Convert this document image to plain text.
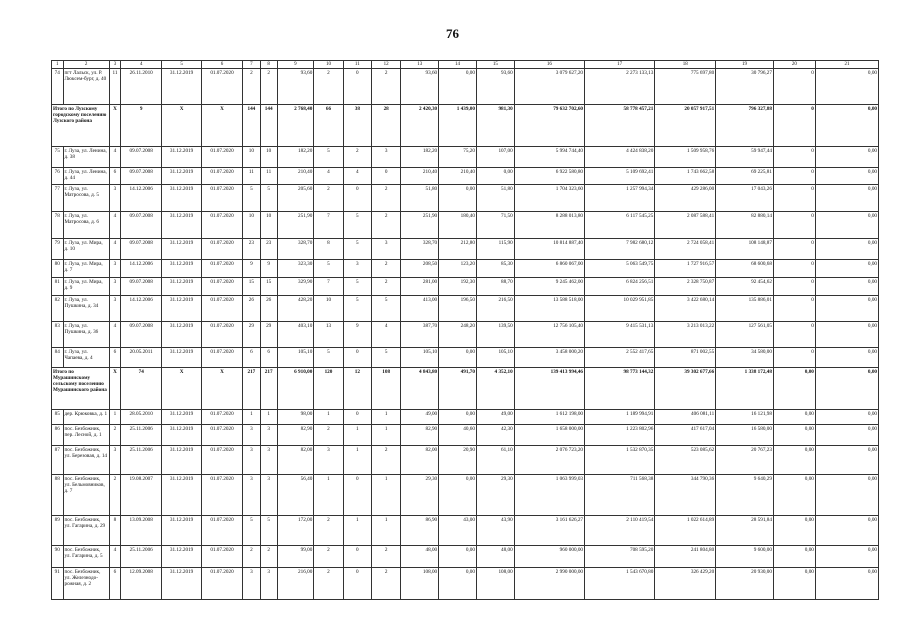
76
1	2	3	4	5	6	7	8	9	10	11	12	13	14	15	16	17	18	19	20	21
74	пгт Лальск, ул. Р. Люксем-бург, д. 40	11	26.11.2010	31.12.2019	01.07.2020	2	2	93,60	2	0	2	93,60	0,00	93,60	3 079 627,20	2 273 133,13	775 697,80	30 796,27	0	0,00
Итого по Лузскому городскому поселению Лузского района		X	9	X	X	144	144	2 768,40	66	38	28	2 420,30	1 439,00	981,30	79 632 702,60	58 778 457,21	20 057 917,51	796 327,88	0	0,00
75	г. Луза, ул. Ленина, д. 38	4	09.07.2008	31.12.2019	01.07.2020	10	10	182,20	5	2	3	182,20	75,20	107,00	5 994 744,40	4 424 838,20	1 509 958,76	59 947,44	0	0,00
76	г. Луза, ул. Ленина, д. 44	6	09.07.2008	31.12.2019	01.07.2020	11	11	210,40	4	4	0	210,40	210,40	0,00	6 922 580,80	5 109 692,41	1 743 662,58	69 225,81	0	0,00
77	г. Луза, ул. Матросова, д. 5	3	14.12.2006	31.12.2019	01.07.2020	5	5	205,60	2	0	2	51,80	0,00	51,80	1 704 323,60	1 257 994,34	429 286,00	17 043,26	0	0,00
78	г. Луза, ул. Матросова, д. 6	4	09.07.2008	31.12.2019	01.07.2020	10	10	251,90	7	5	2	251,90	180,40	71,50	8 288 013,80	6 117 545,25	2 087 588,41	82 880,14	0	0,00
79	г. Луза, ул. Мира, д. 10	4	09.07.2008	31.12.2019	01.07.2020	23	23	328,70	8	5	3	328,70	212,80	115,90	10 814 887,40	7 982 680,12	2 724 058,41	108 148,87	0	0,00
80	г. Луза, ул. Мира, д. 7	3	14.12.2006	31.12.2019	01.07.2020	9	9	323,30	5	3	2	208,50	123,20	85,30	6 860 067,00	5 063 549,75	1 727 916,57	68 600,68	0	0,00
81	г. Луза, ул. Мира, д. 9	3	09.07.2008	31.12.2019	01.07.2020	15	15	329,90	7	5	2	281,00	192,30	88,70	9 245 462,00	6 824 256,51	2 328 750,87	92 454,62	0	0,00
82	г. Луза, ул. Пушкина, д. 34	3	14.12.2006	31.12.2019	01.07.2020	26	26	428,20	10	5	5	413,00	196,50	216,50	13 588 518,00	10 029 951,85	3 422 680,14	135 886,01	0	0,00
83	г. Луза, ул. Пушкина, д. 36	4	09.07.2008	31.12.2019	01.07.2020	29	29	403,10	13	9	4	387,70	248,20	139,50	12 756 105,40	9 415 531,13	3 213 013,22	127 561,05	0	0,00
84	г. Луза, ул. Чапаева, д. 4	6	20.05.2011	31.12.2019	01.07.2020	6	6	105,10	5	0	5	105,10	0,00	105,10	3 458 000,20	2 552 417,65	871 002,55	34 580,00	0	0,00
Итого по Мурашинскому сельскому поселению Мурашинского района		X	74	X	X	217	217	6 910,00	120	12	108	4 843,80	491,70	4 352,10	139 413 994,46	98 773 144,32	39 302 677,66	1 338 172,48	0,00	0,00
85	дер. Крюковка, д. 1	1	28.05.2010	31.12.2019	01.07.2020	1	1	98,00	1	0	1	49,00	0,00	49,00	1 612 198,00	1 189 994,91	406 081,11	16 121,98	0,00	0,00
86	пос. Безбожник, пер. Лесной, д. 1	2	25.11.2006	31.12.2019	01.07.2020	3	3	82,90	2	1	1	82,90	40,60	42,30	1 658 000,00	1 223 802,96	417 617,04	16 580,00	0,00	0,00
87	пос. Безбожник, ул. Березовая, д. 14	3	25.11.2006	31.12.2019	01.07.2020	3	3	82,00	3	1	2	82,00	20,90	61,10	2 076 723,20	1 532 870,35	523 085,62	20 767,23	0,00	0,00
88	пос. Безбожник, ул. Бельмовников, д. 7	2	19.08.2007	31.12.2019	01.07.2020	3	3	56,40	1	0	1	29,30	0,00	29,30	1 063 999,03	711 568,38	344 790,36	9 640,29	0,00	0,00
89	пос. Безбожник, ул. Гагарина, д. 29	8	13.09.2008	31.12.2019	01.07.2020	5	5	172,00	2	1	1	86,90	43,00	43,90	3 161 626,27	2 110 419,54	1 022 614,89	28 591,84	0,00	0,00
90	пос. Безбожник, ул. Гагарина, д. 5	4	25.11.2006	31.12.2019	01.07.2020	2	2	99,00	2	0	2	48,00	0,00	48,00	960 000,00	708 595,20	241 804,80	9 600,00	0,00	0,00
91	пос. Безбожник, ул. Железнодо-рожная, д. 2	6	12.09.2008	31.12.2019	01.07.2020	3	3	216,00	2	0	2	108,00	0,00	108,00	2 990 000,00	1 543 670,80	326 429,20	20 930,00	0,00	0,00
